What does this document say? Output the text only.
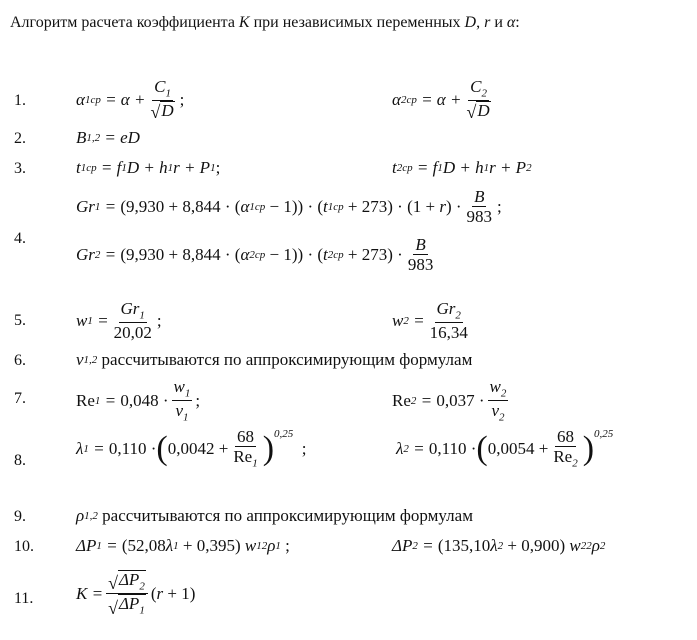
Алгоритм расчета коэффициента K при независимых переменных D, r и α:
1.	α 1 ср = $\alpha + \frac{C_1}{√ D}$ ;	α 2 ср = $\alpha + \frac{C_2}{√ D}$
2.	B 1,2 = eD
3.	t 1 ср = f 1 D + h 1 r + P 1 ;	t 2 ср = f 1 D + h 1 r + P 2
4.
Gr 1 = (9,930 + 8,844 · ( α 1 ср − 1)) · ( t 1 ср + 273) · (1 + r ) · $\frac{B}{983}$ ;
Gr 2 = (9,930 + 8,844 · ( α 2 ср − 1)) · ( t 2 ср + $273) \cdot \frac{B}{983}$
5.	w $1 = \frac{Gr_1}{20,02}$ ;	w $2 = \frac{Gr_2}{16,34}$
6.	ν 1,2
рассчитываются по аппроксимирующим формулам
7.	Re $1 = 0,048 \cdot \frac{w_1}{\nu_1}$ ;	Re $2 = 0,037 \cdot \frac{w_2}{\nu_2}$
8.
λ 1 = 0,110 · ( $0,0042 + \frac{68}{Re_1} )^{0,25}$
;	λ 2 = 0,110 · ( $0,0054 + \frac{68}{Re_2} )^{0,25}$
9.	ρ 1,2
рассчитываются по аппроксимирующим формулам
10. ΔP 1 = (52,08 λ 1 + 0,395) w 1 2 ρ 1 ;	ΔP 2 = (135,10 λ 2 + 0,900) w 2 2 ρ 2
11.	$K = \frac{√ \Delta P_2}{√ \Delta P_1}$ ( r + 1)
